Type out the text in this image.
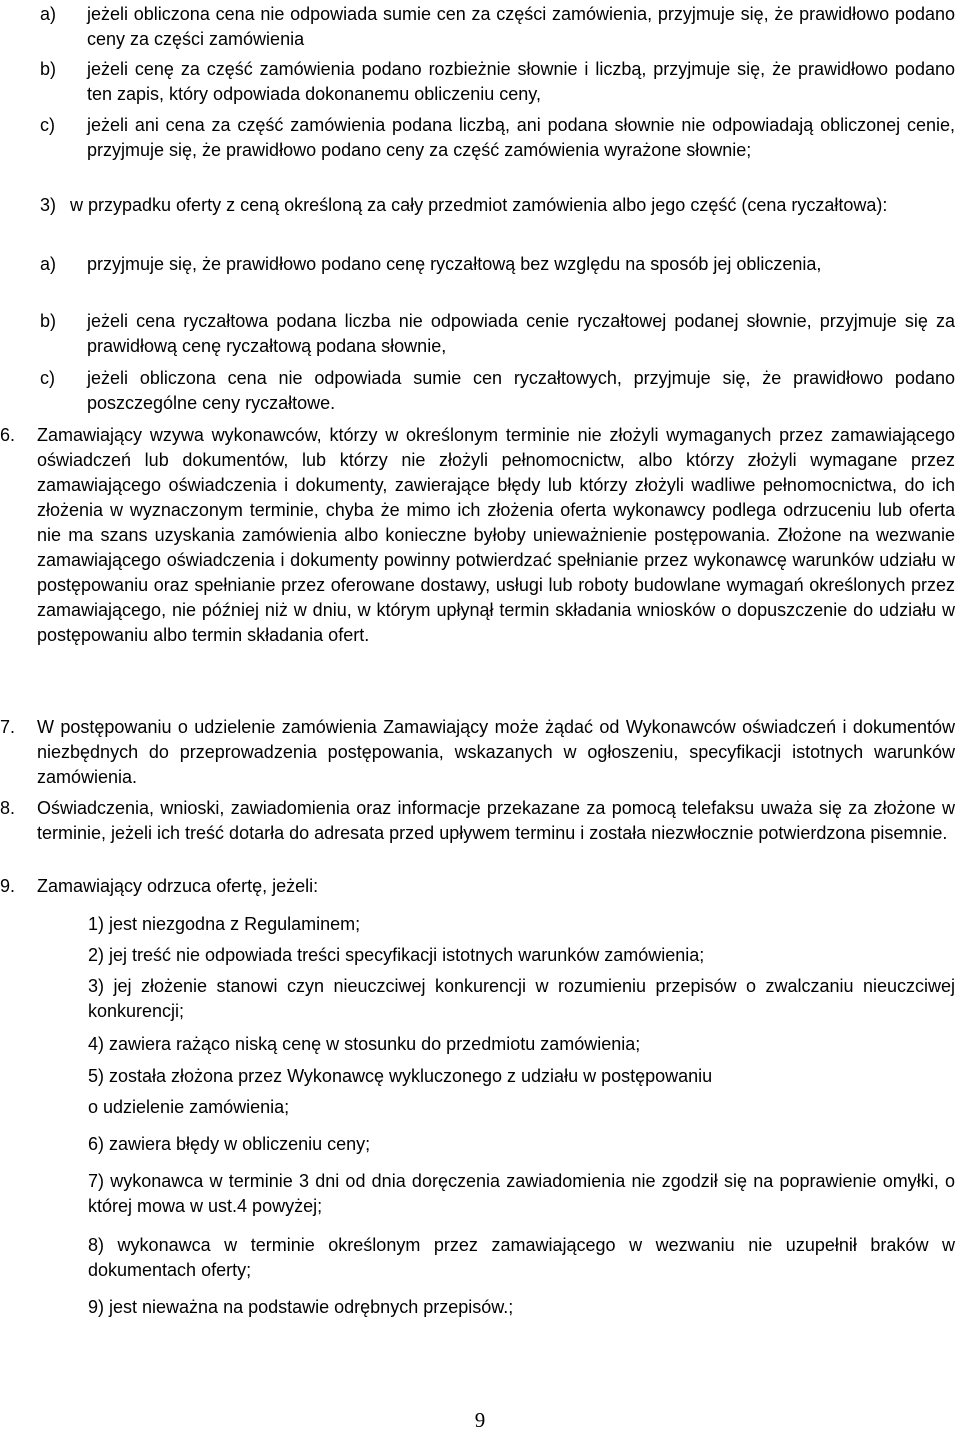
a) jeżeli obliczona cena nie odpowiada sumie cen za części zamówienia, przyjmuje się, że prawidłowo podano ceny za części zamówienia
b) jeżeli cenę za część zamówienia podano rozbieżnie słownie i liczbą, przyjmuje się, że prawidłowo podano ten zapis, który odpowiada dokonanemu obliczeniu ceny,
c) jeżeli ani cena za część zamówienia podana liczbą, ani podana słownie nie odpowiadają obliczonej cenie, przyjmuje się, że prawidłowo podano ceny za część zamówienia wyrażone słownie;
3) w przypadku oferty z ceną określoną za cały przedmiot zamówienia albo jego część (cena ryczałtowa):
a) przyjmuje się, że prawidłowo podano cenę ryczałtową bez względu na sposób jej obliczenia,
b) jeżeli cena ryczałtowa podana liczba nie odpowiada cenie ryczałtowej podanej słownie, przyjmuje się za prawidłową cenę ryczałtową podana słownie,
c) jeżeli obliczona cena nie odpowiada sumie cen ryczałtowych, przyjmuje się, że prawidłowo podano poszczególne ceny ryczałtowe.
6. Zamawiający wzywa wykonawców, którzy w określonym terminie nie złożyli wymaganych przez zamawiającego oświadczeń lub dokumentów, lub którzy nie złożyli pełnomocnictw, albo którzy złożyli wymagane przez zamawiającego oświadczenia i dokumenty, zawierające błędy lub którzy złożyli wadliwe pełnomocnictwa, do ich złożenia w wyznaczonym terminie, chyba że mimo ich złożenia oferta wykonawcy podlega odrzuceniu lub oferta nie ma szans uzyskania zamówienia albo konieczne byłoby unieważnienie postępowania. Złożone na wezwanie zamawiającego oświadczenia i dokumenty powinny potwierdzać spełnianie przez wykonawcę warunków udziału w postępowaniu oraz spełnianie przez oferowane dostawy, usługi lub roboty budowlane wymagań określonych przez zamawiającego, nie później niż w dniu, w którym upłynął termin składania wniosków o dopuszczenie do udziału w postępowaniu albo termin składania ofert.
7. W postępowaniu o udzielenie zamówienia Zamawiający może żądać od Wykonawców oświadczeń i dokumentów niezbędnych do przeprowadzenia postępowania, wskazanych w ogłoszeniu, specyfikacji istotnych warunków zamówienia.
8. Oświadczenia, wnioski, zawiadomienia oraz informacje przekazane za pomocą telefaksu uważa się za złożone w terminie, jeżeli ich treść dotarła do adresata przed upływem terminu i została niezwłocznie potwierdzona pisemnie.
9. Zamawiający odrzuca ofertę, jeżeli:
1) jest niezgodna z Regulaminem;
2) jej treść nie odpowiada treści specyfikacji istotnych warunków zamówienia;
3) jej złożenie stanowi czyn nieuczciwej konkurencji w rozumieniu przepisów o zwalczaniu nieuczciwej konkurencji;
4) zawiera rażąco niską cenę w stosunku do przedmiotu zamówienia;
5) została złożona przez Wykonawcę wykluczonego z udziału w postępowaniu
o udzielenie zamówienia;
6) zawiera błędy w obliczeniu ceny;
7) wykonawca w terminie 3 dni od dnia doręczenia zawiadomienia nie zgodził się na poprawienie omyłki, o której mowa w ust.4 powyżej;
8) wykonawca w terminie określonym przez zamawiającego w wezwaniu nie uzupełnił braków w dokumentach oferty;
9) jest nieważna na podstawie odrębnych przepisów.;
9
